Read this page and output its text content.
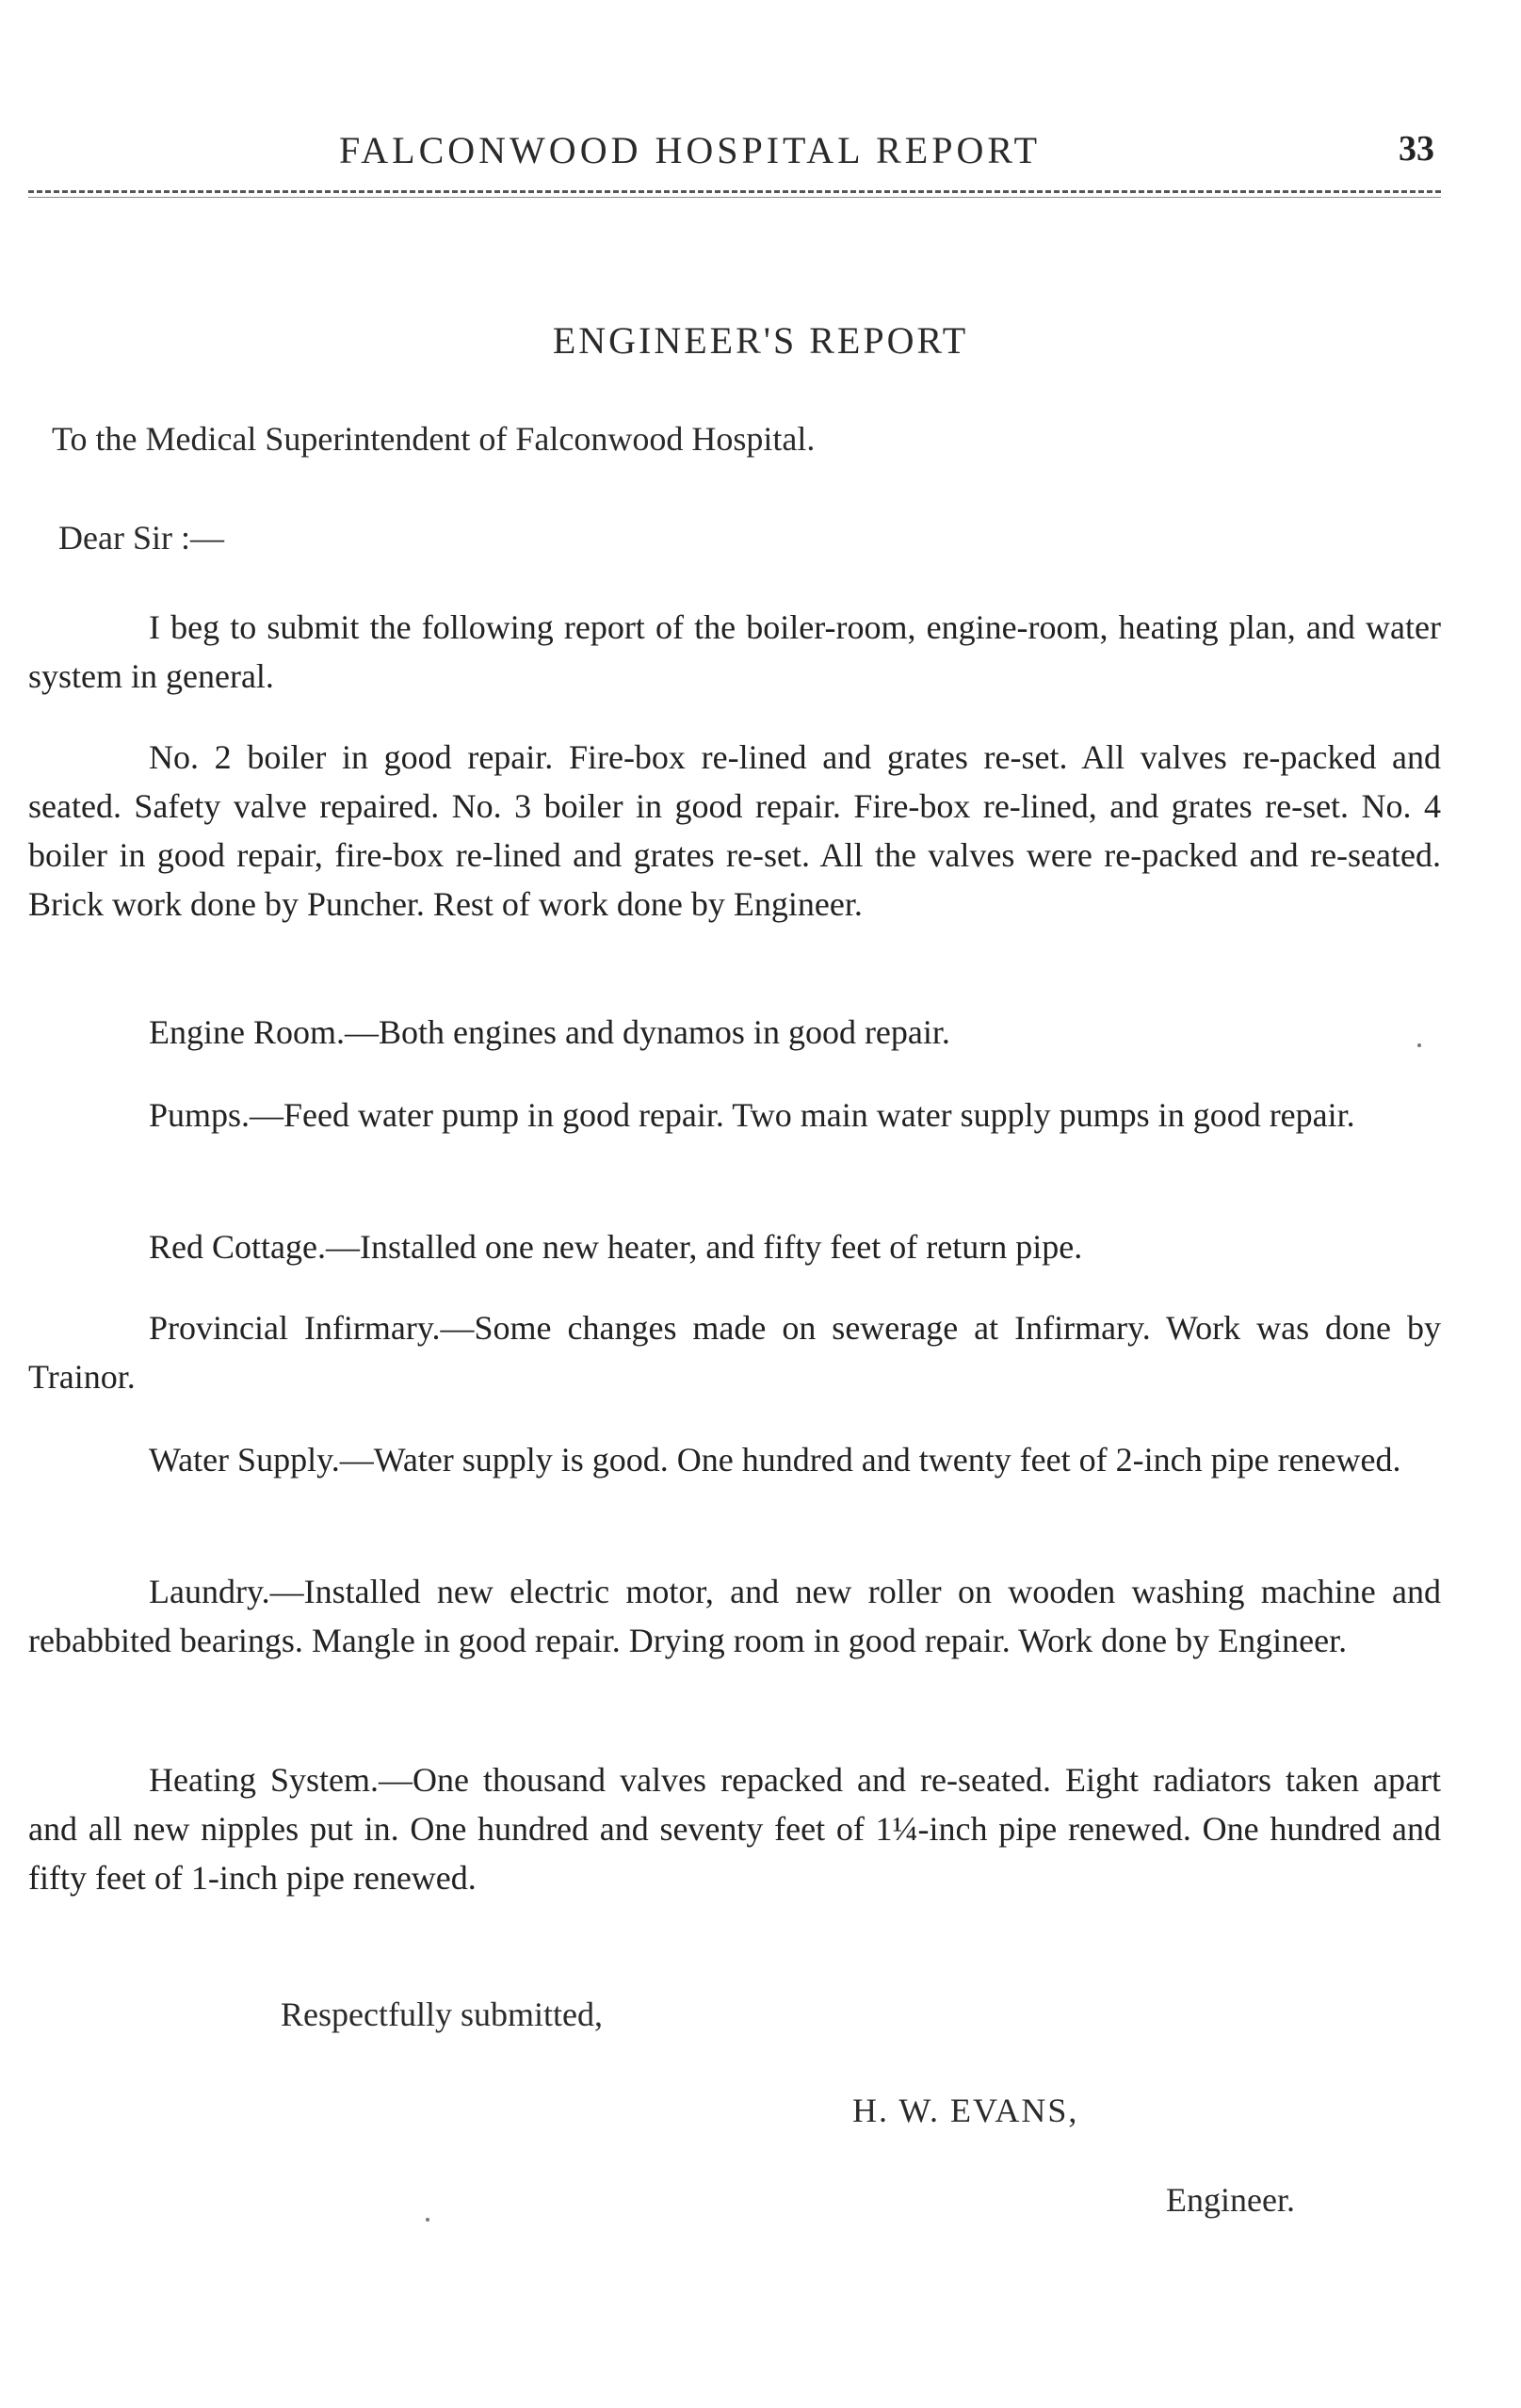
FALCONWOOD HOSPITAL REPORT	33
ENGINEER'S REPORT
To the Medical Superintendent of Falconwood Hospital.
Dear Sir :—

I beg to submit the following report of the boiler-room, engine-room, heating plan, and water system in general.

No. 2 boiler in good repair. Fire-box re-lined and grates re-set. All valves re-packed and seated. Safety valve repaired. No. 3 boiler in good repair. Fire-box re-lined, and grates re-set. No. 4 boiler in good repair, fire-box re-lined and grates re-set. All the valves were re-packed and re-seated. Brick work done by Puncher. Rest of work done by Engineer.

Engine Room.—Both engines and dynamos in good repair.

Pumps.—Feed water pump in good repair. Two main water supply pumps in good repair.

Red Cottage.—Installed one new heater, and fifty feet of return pipe.

Provincial Infirmary.—Some changes made on sewerage at Infirmary. Work was done by Trainor.

Water Supply.—Water supply is good. One hundred and twenty feet of 2-inch pipe renewed.

Laundry.—Installed new electric motor, and new roller on wooden washing machine and rebabbited bearings. Mangle in good repair. Drying room in good repair. Work done by Engineer.

Heating System.—One thousand valves repacked and re-seated. Eight radiators taken apart and all new nipples put in. One hundred and seventy feet of 1¼-inch pipe renewed. One hundred and fifty feet of 1-inch pipe renewed.

Respectfully submitted,
H. W. EVANS,
Engineer.
